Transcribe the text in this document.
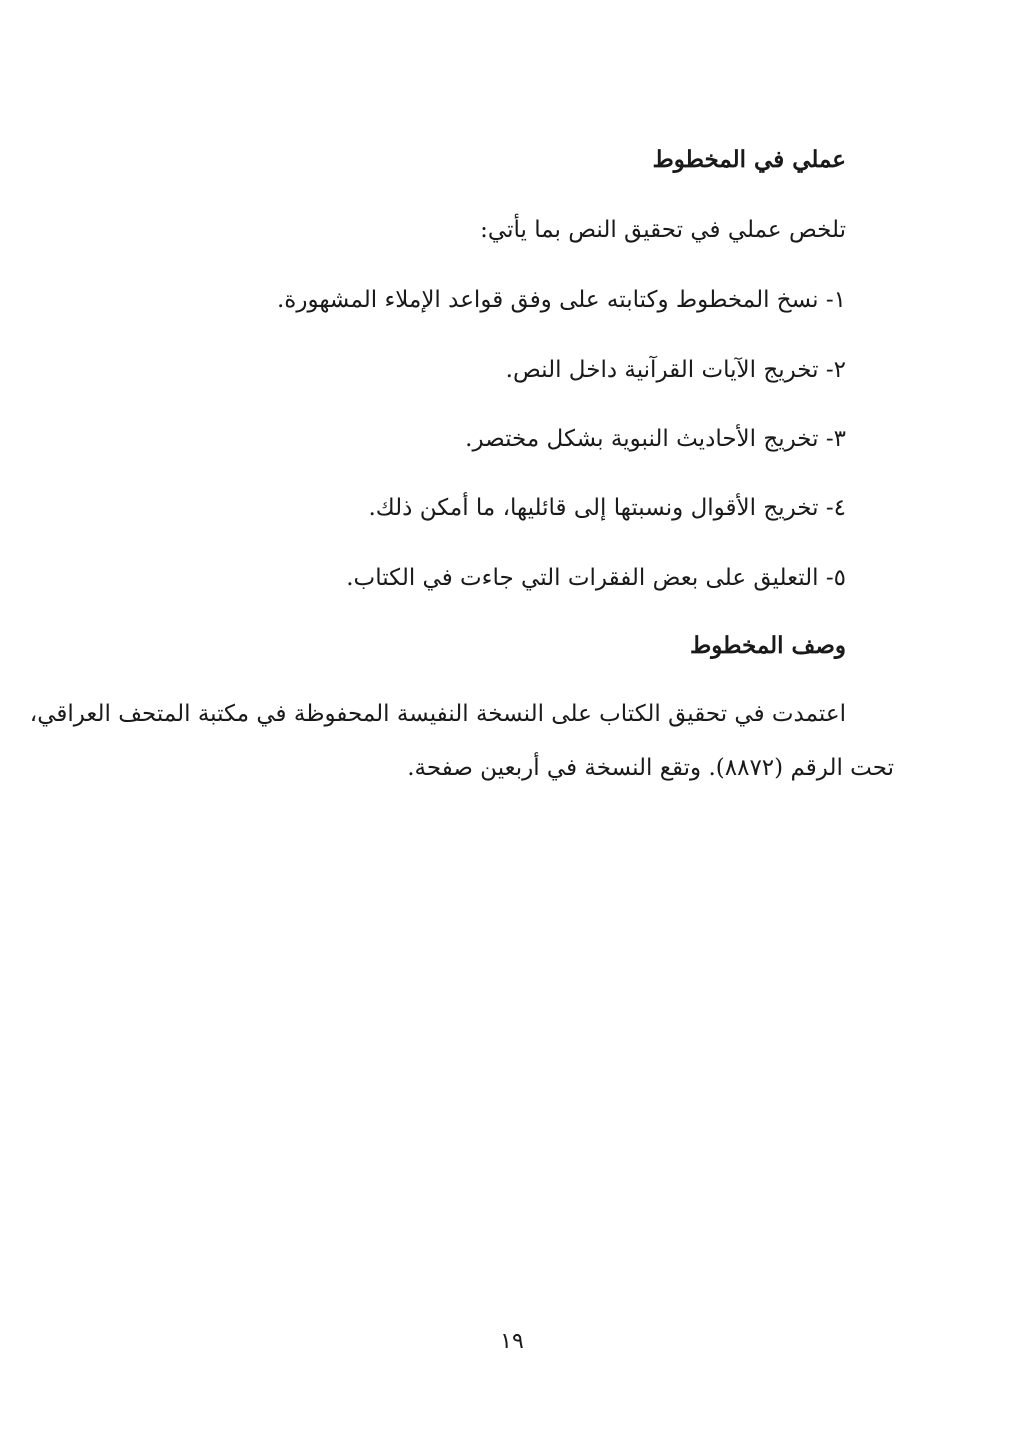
عملي في المخطوط
تلخص عملي في تحقيق النص بما يأتي:
١- نسخ المخطوط وكتابته على وفق قواعد الإملاء المشهورة.
٢- تخريج الآيات القرآنية داخل النص.
٣- تخريج الأحاديث النبوية بشكل مختصر.
٤- تخريج الأقوال ونسبتها إلى قائليها، ما أمكن ذلك.
٥- التعليق على بعض الفقرات التي جاءت في الكتاب.
وصف المخطوط
اعتمدت في تحقيق الكتاب على النسخة النفيسة المحفوظة في مكتبة المتحف العراقي،
تحت الرقم (٨٨٧٢). وتقع النسخة في أربعين صفحة.
١٩
